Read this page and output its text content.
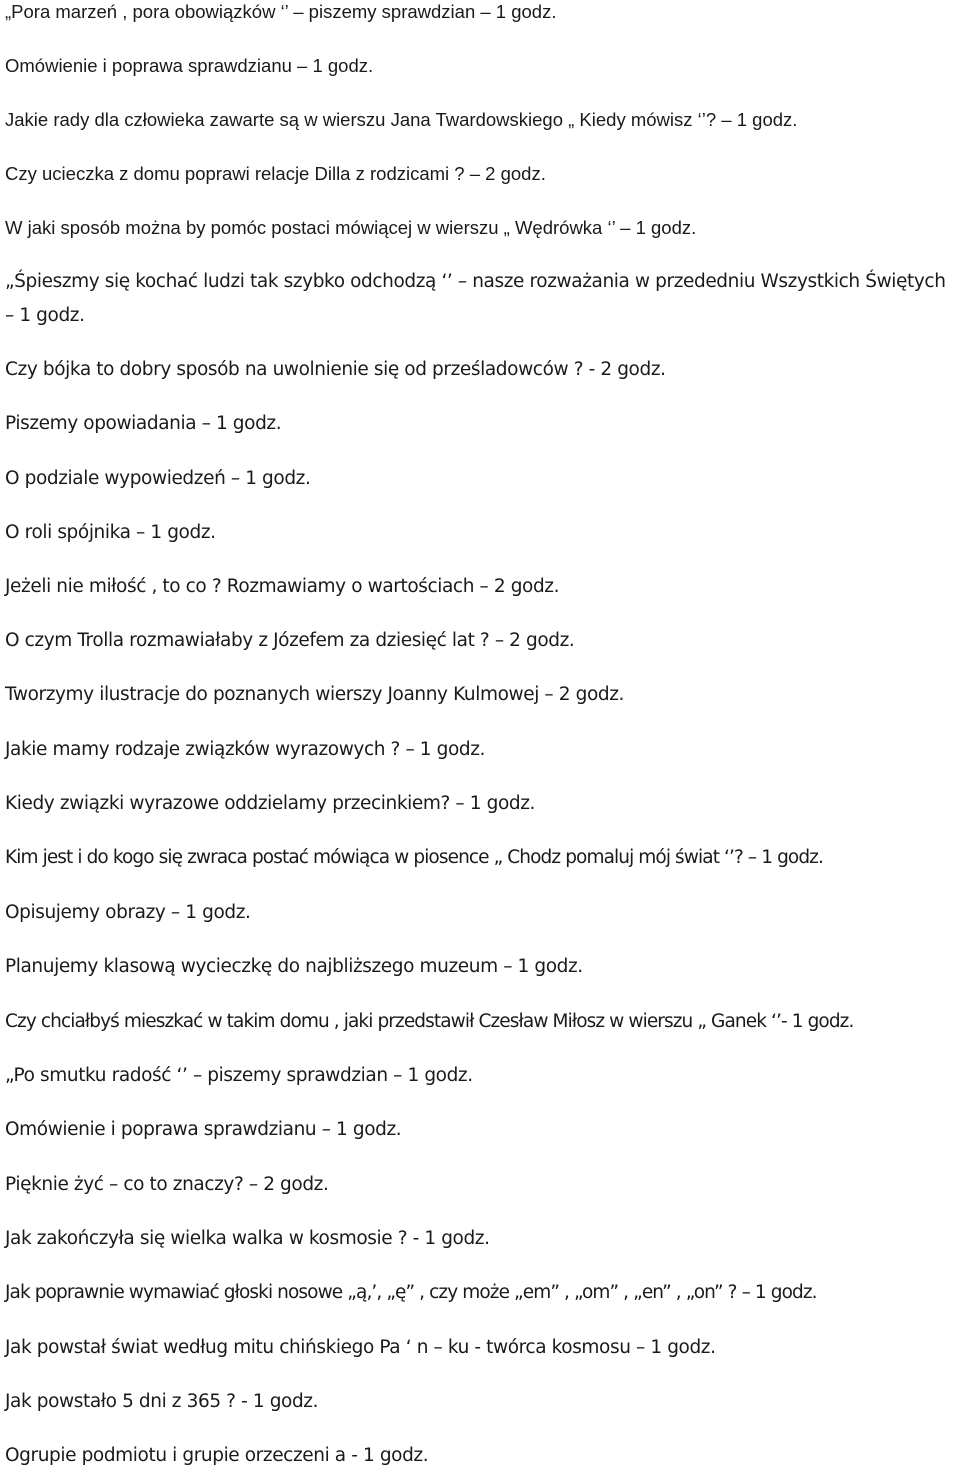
„Pora marzeń , pora obowiązków ‘’ – piszemy sprawdzian – 1 godz.
Omówienie i poprawa sprawdzianu – 1 godz.
Jakie rady dla człowieka zawarte są w wierszu Jana Twardowskiego „ Kiedy mówisz ‘’? – 1 godz.
Czy ucieczka z domu poprawi relacje Dilla z rodzicami ? – 2 godz.
W jaki sposób można by pomóc postaci mówiącej w wierszu „ Wędrówka ‘’ – 1 godz.
„Śpieszmy się kochać ludzi tak szybko odchodzą ‘’ – nasze rozważania w przededniu Wszystkich Świętych – 1 godz.
Czy bójka to dobry sposób na uwolnienie się od prześladowców ? - 2 godz.
Piszemy opowiadania – 1 godz.
O podziale wypowiedzeń – 1 godz.
O roli spójnika – 1 godz.
Jeżeli nie miłość , to co ? Rozmawiamy o wartościach – 2 godz.
O czym Trolla rozmawiałaby z Józefem za dziesięć lat ? – 2 godz.
Tworzymy ilustracje do poznanych wierszy Joanny Kulmowej – 2 godz.
Jakie mamy rodzaje związków wyrazowych ? – 1 godz.
Kiedy związki wyrazowe oddzielamy przecinkiem? – 1 godz.
Kim jest i do kogo się zwraca postać mówiąca w piosence „ Chodz pomaluj mój świat ‘’? – 1 godz.
Opisujemy obrazy – 1 godz.
Planujemy klasową wycieczkę do najbliższego muzeum – 1 godz.
Czy chciałbyś mieszkać w takim domu , jaki przedstawił Czesław Miłosz w wierszu „ Ganek ‘’- 1 godz.
„Po smutku radość ‘’ – piszemy sprawdzian – 1 godz.
Omówienie i poprawa sprawdzianu – 1 godz.
Pięknie żyć – co to znaczy? – 2 godz.
Jak zakończyła się wielka walka w kosmosie ? - 1 godz.
Jak poprawnie wymawiać głoski nosowe „ą‚’, „ę” , czy może „em” , „om” , „en” , „on” ? – 1 godz.
Jak powstał świat według mitu chińskiego Pa ‘ n – ku - twórca kosmosu – 1 godz.
Jak powstało 5 dni z 365 ? - 1 godz.
Ogrupie podmiotu i grupie orzeczeni a - 1 godz.
